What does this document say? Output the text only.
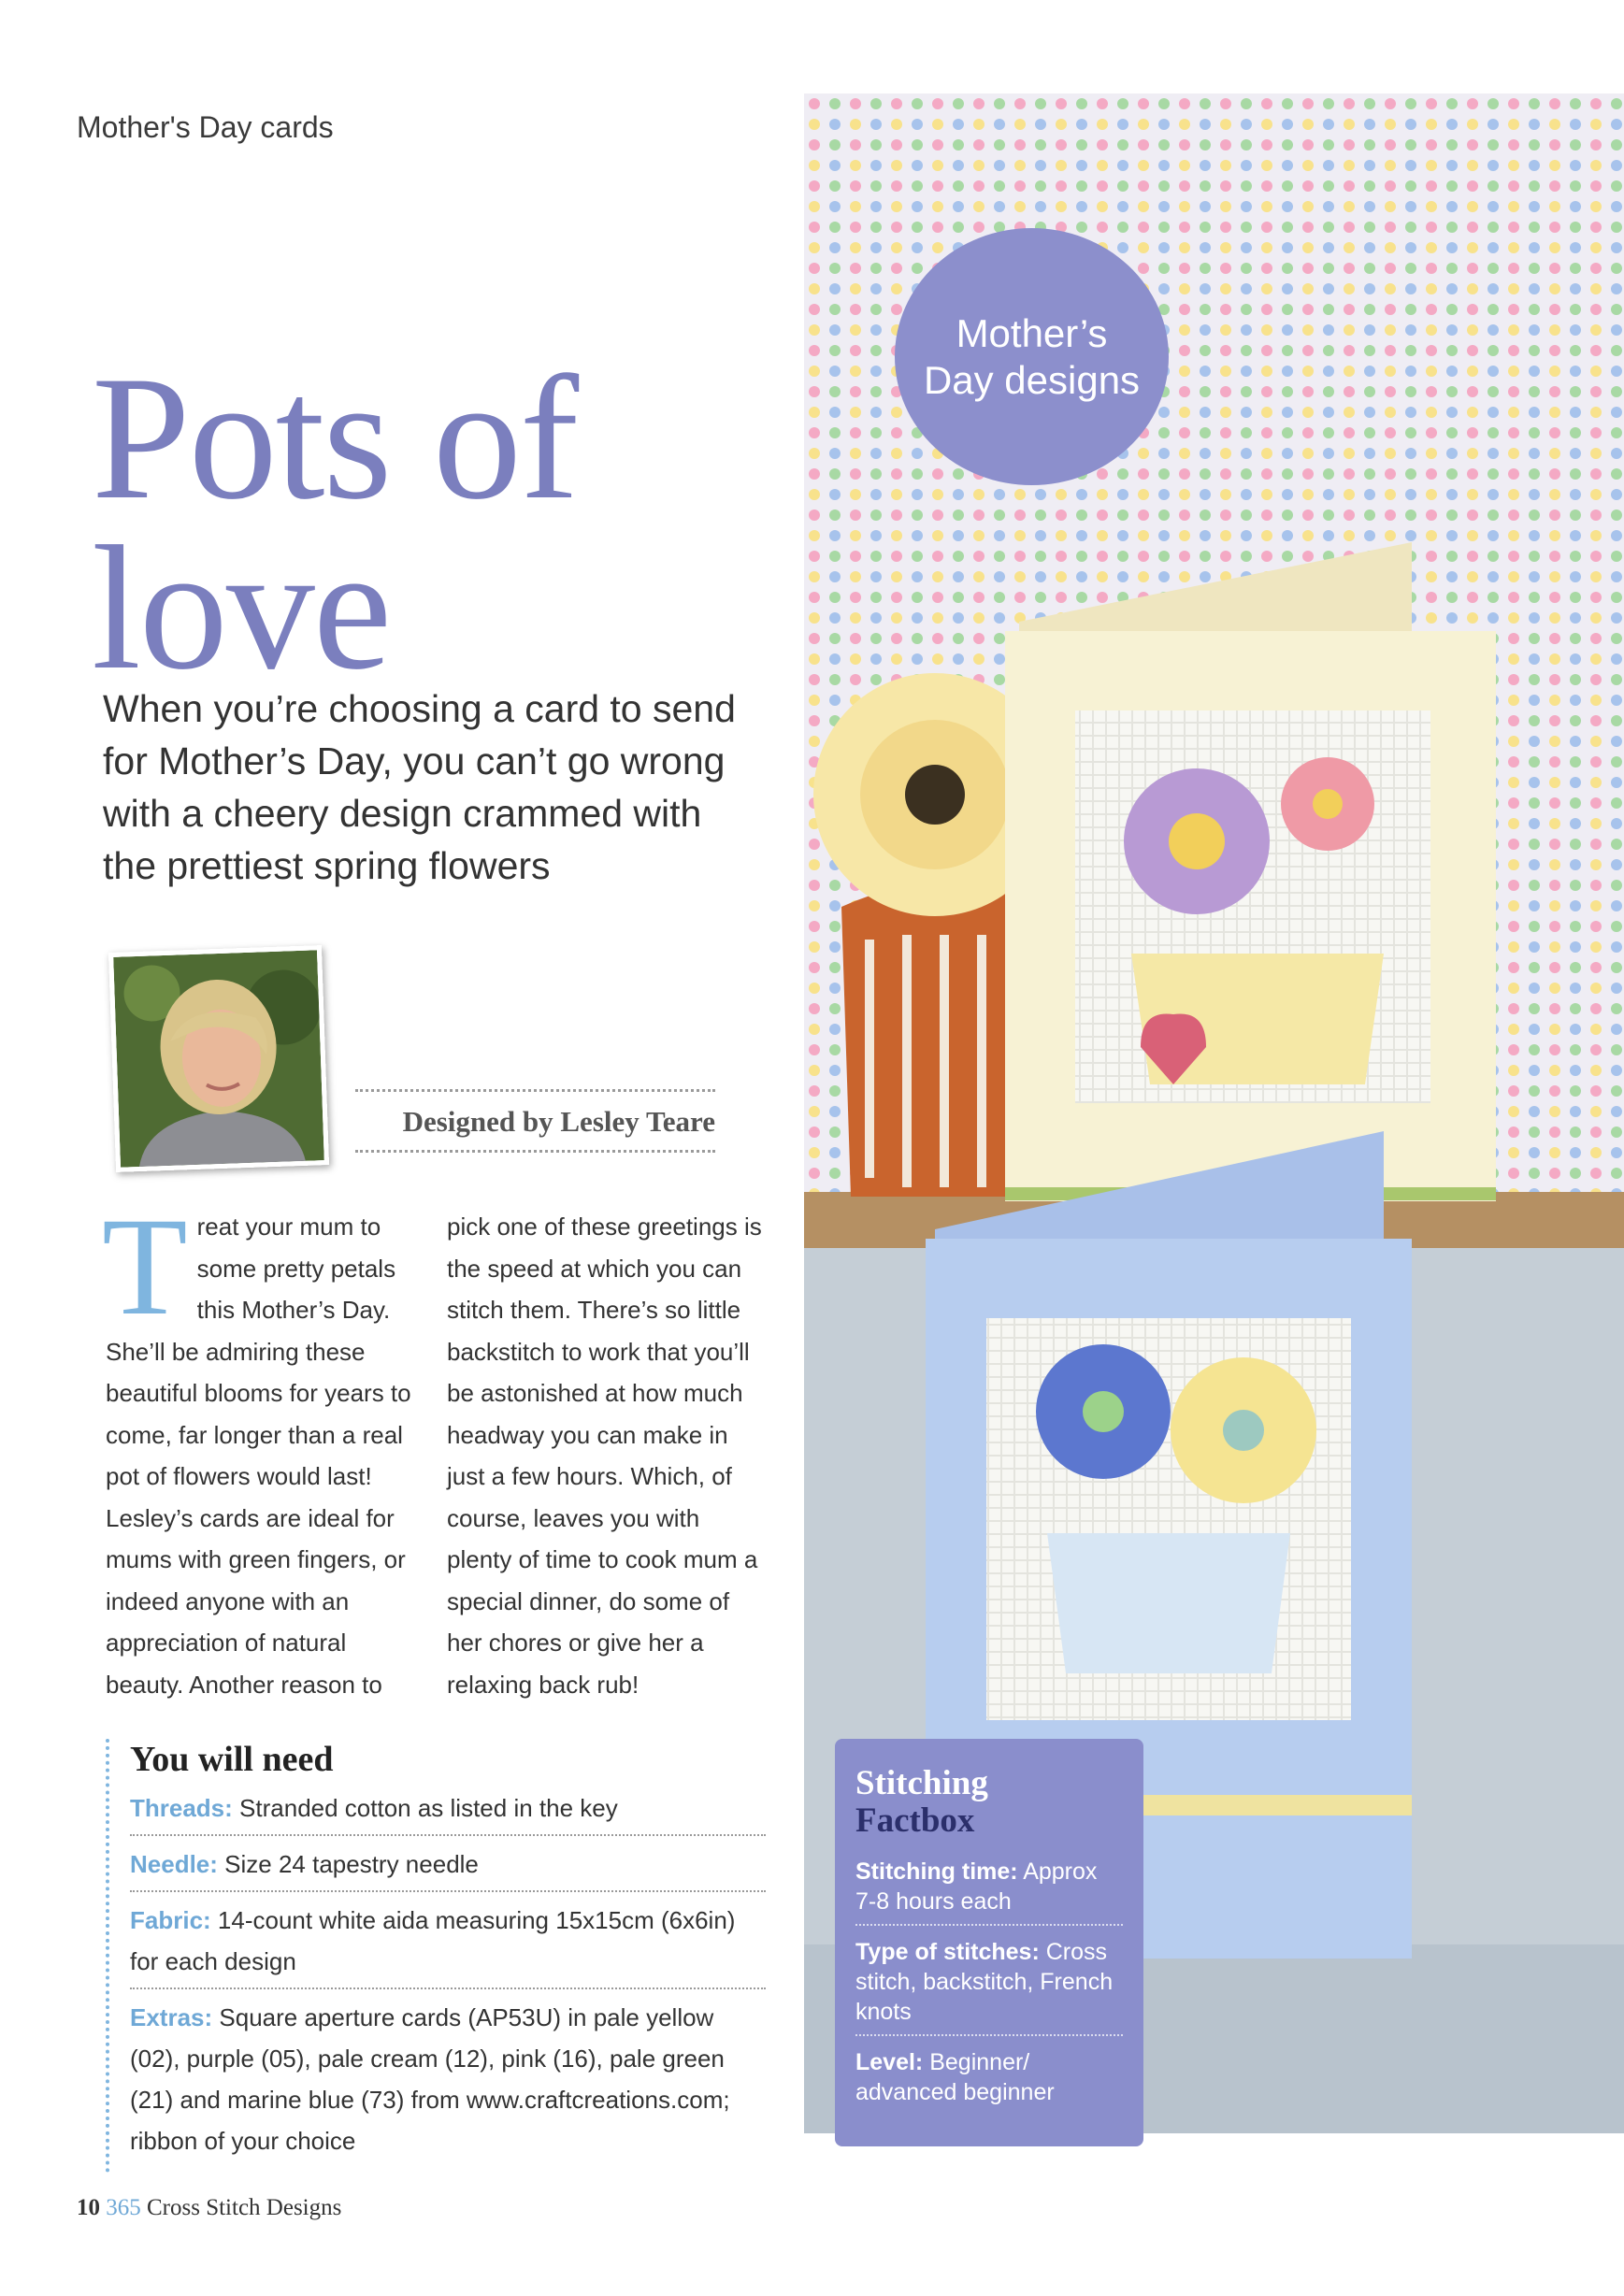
Mother's Day cards
Pots of
love
When you’re choosing a card to send for Mother’s Day, you can’t go wrong with a cheery design crammed with the prettiest spring flowers
Designed by Lesley Teare
T reat your mum to some pretty petals this Mother’s Day. She’ll be admiring these beautiful blooms for years to come, far longer than a real pot of flowers would last! Lesley’s cards are ideal for mums with green fingers, or indeed anyone with an appreciation of natural beauty. Another reason to
pick one of these greetings is the speed at which you can stitch them. There’s so little backstitch to work that you’ll be astonished at how much headway you can make in just a few hours. Which, of course, leaves you with plenty of time to cook mum a special dinner, do some of her chores or give her a relaxing back rub!
You will need
Threads: Stranded cotton as listed in the key
Needle: Size 24 tapestry needle
Fabric: 14-count white aida measuring 15x15cm (6x6in) for each design
Extras: Square aperture cards (AP53U) in pale yellow (02), purple (05), pale cream (12), pink (16), pale green (21) and marine blue (73) from www.craftcreations.com; ribbon of your choice
10 365 Cross Stitch Designs
Mother’s
Day designs
Stitching
Factbox
Stitching time: Approx 7-8 hours each
Type of stitches: Cross stitch, backstitch, French knots
Level: Beginner/ advanced beginner
